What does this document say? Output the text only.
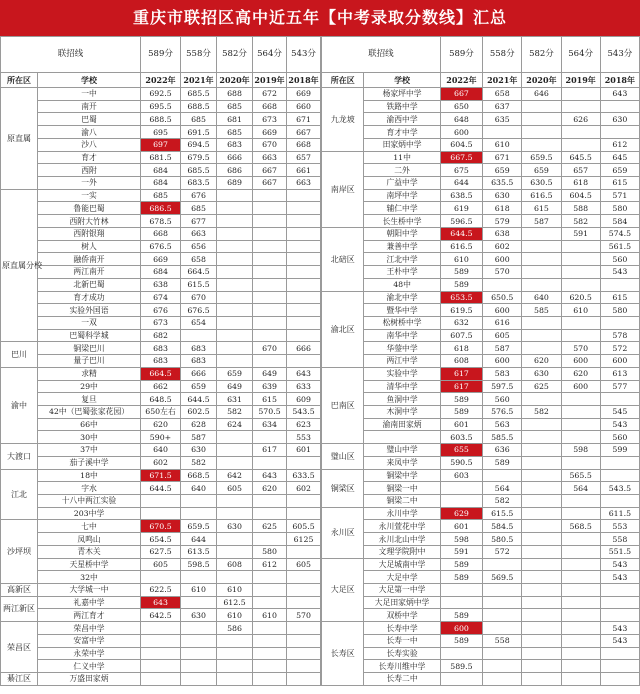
重庆市联招区高中近五年【中考录取分数线】汇总
联招线		589分	558分	582分	564分	543分
所在区	学校	2022年	2021年	2020年	2019年	2018年
原直属	一中	692.5	685.5	688	672	669
	南开	695.5	688.5	685	668	660
	巴蜀	688.5	685	681	673	671
	渝八	695	691.5	685	669	667
	沙八	697	694.5	683	670	668
	育才	681.5	679.5	666	663	657
	西附	684	685.5	686	667	661
	一外	684	683.5	689	667	663
原直属分校	一实	685	676			
	鲁能巴蜀	686.5	685			
	西附大竹林	678.5	677			
	西附银翔	668	663			
	树人	676.5	656			
	融侨南开	669	658			
	两江南开	684	664.5			
	北新巴蜀	638	615.5			
	育才成功	674	670			
	实验外国语	676	676.5			
	一双	673	654			
	巴蜀科学城	682				
巴川	铜梁巴川	683	683		670	666
	量子巴川	683	683			
渝中	求精	664.5	666	659	649	643
	29中	662	659	649	639	633
	复旦	648.5	644.5	631	615	609
	42中（巴蜀张家花园）	650左右	602.5	582	570.5	543.5
	66中	620	628	624	634	623
	30中	590+	587			553
大渡口	37中	640	630		617	601
	茄子溪中学	602	582			
江北	18中	671.5	668.5	642	643	633.5
	字水	644.5	640	605	620	602
	十八中两江实验					
	203中学					
沙坪坝	七中	670.5	659.5	630	625	605.5
	凤鸣山	654.5	644			6125
	青木关	627.5	613.5		580	
	天星桥中学	605	598.5	608	612	605
	32中					
高新区	大学城一中	622.5	610	610		
两江新区	礼嘉中学	643		612.5		
	两江育才	642.5	630	610	610	570
荣昌区	荣昌中学			586		
	安富中学					
	永荣中学					
	仁义中学					
綦江区	万盛田家炳					
联招线		589分	558分	582分	564分	543分
所在区	学校	2022年	2021年	2020年	2019年	2018年
九龙坡	杨家坪中学	667	658	646		643
	铁路中学	650	637			
	渝西中学	648	635		626	630
	育才中学	600				
	田家炳中学	604.5	610			612
南岸区	11中	667.5	671	659.5	645.5	645
	二外	675	659	659	657	659
	广益中学	644	635.5	630.5	618	615
	南坪中学	638.5	630	616.5	604.5	571
	辅仁中学	619	618	615	588	580
	长生桥中学	596.5	579	587	582	584
北碚区	朝阳中学	644.5	638		591	574.5
	兼善中学	616.5	602			561.5
	江北中学	610	600			560
	王朴中学	589	570			543
	48中	589				
渝北区	渝北中学	653.5	650.5	640	620.5	615
	暨华中学	619.5	600	585	610	580
	松树桥中学	632	616			
	南华中学	607.5	605			578
	华蓥中学	618	587		570	572
	两江中学	608	600	620	600	600
巴南区	实验中学	617	583	630	620	613
	清华中学	617	597.5	625	600	577
	鱼洞中学	589	560			
	木洞中学	589	576.5	582		545
	渝南田家炳	601	563			543
		603.5	585.5			560
璧山区	璧山中学	655	636		598	599
	来凤中学	590.5	589			
铜梁区	铜梁中学	603			565.5	
	铜梁一中		564		564	543.5
	铜梁二中		582			
永川区	永川中学	629	615.5			611.5
	永川萱花中学	601	584.5		568.5	553
	永川北山中学	598	580.5			558
	文理学院附中	591	572			551.5
大足区	大足城南中学	589				543
	大足中学	589	569.5			543
	大足第一中学					
	大足田家炳中学					
	双桥中学	589				
长寿区	长寿中学	600				543
	长寿一中	589	558			543
	长寿实验					
	长寿川维中学	589.5				
	长寿二中					
